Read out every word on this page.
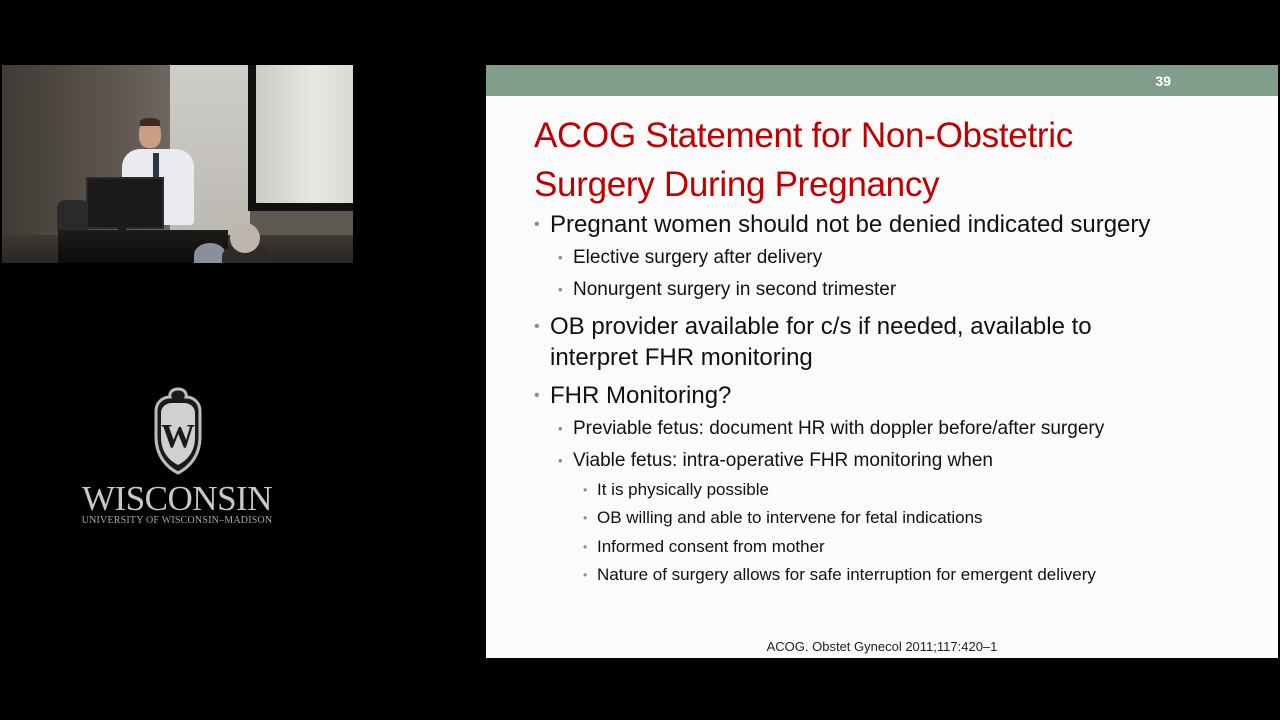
W
WISCONSIN
UNIVERSITY OF WISCONSIN–MADISON
39
ACOG Statement for Non-Obstetric
Surgery During Pregnancy
• Pregnant women should not be denied indicated surgery
• Elective surgery after delivery
• Nonurgent surgery in second trimester
• OB provider available for c/s if needed, available to
interpret FHR monitoring
• FHR Monitoring?
• Previable fetus: document HR with doppler before/after surgery
• Viable fetus: intra-operative FHR monitoring when
• It is physically possible
• OB willing and able to intervene for fetal indications
• Informed consent from mother
• Nature of surgery allows for safe interruption for emergent delivery
ACOG. Obstet Gynecol 2011;117:420–1
